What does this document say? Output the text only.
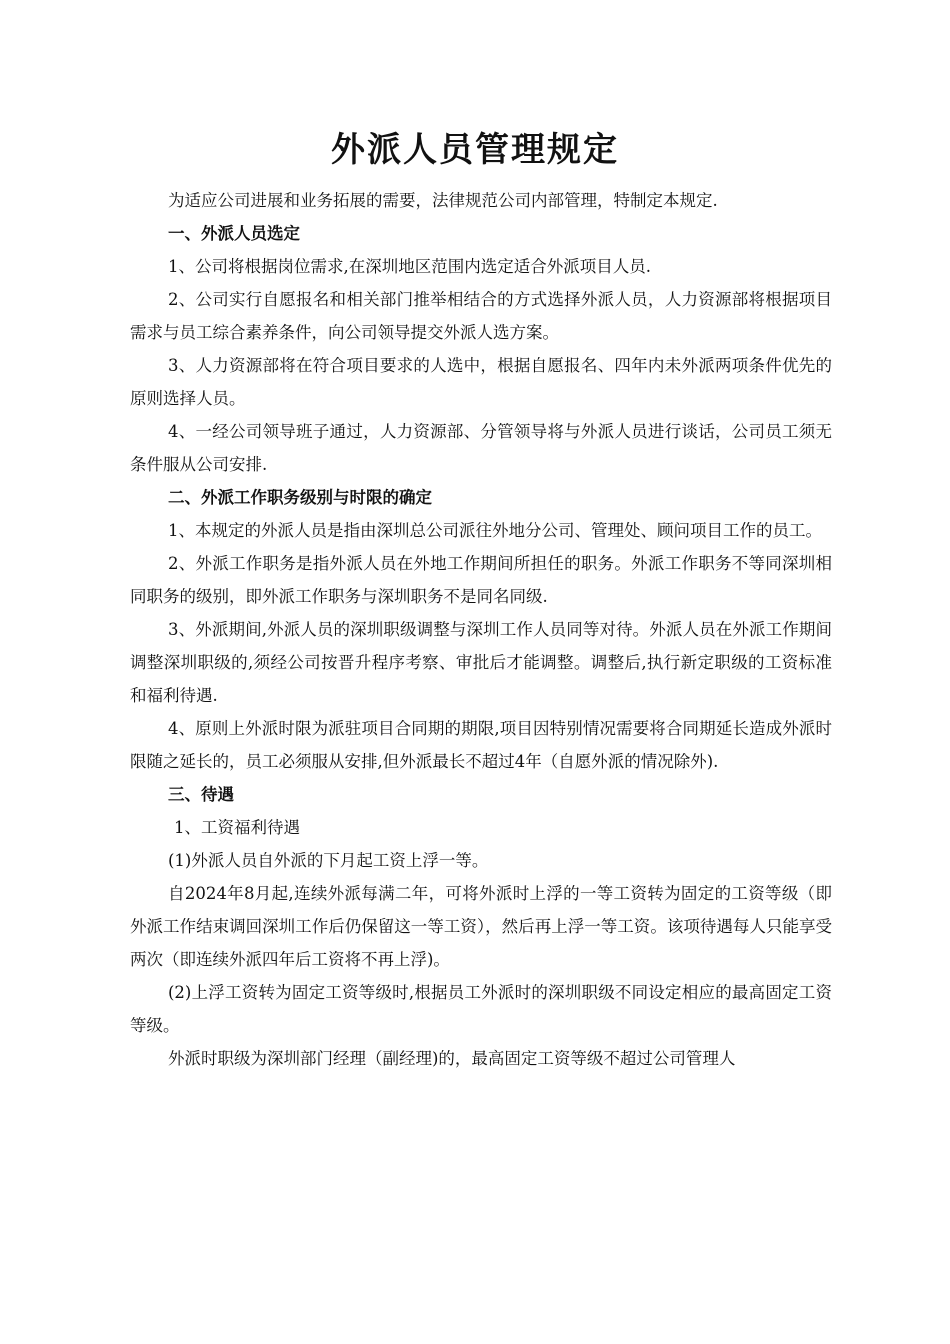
外派人员管理规定

为适应公司进展和业务拓展的需要，法律规范公司内部管理，特制定本规定.

一、外派人员选定

1、公司将根据岗位需求,在深圳地区范围内选定适合外派项目人员.

2、公司实行自愿报名和相关部门推举相结合的方式选择外派人员，人力资源部将根据项目需求与员工综合素养条件，向公司领导提交外派人选方案。

3、人力资源部将在符合项目要求的人选中，根据自愿报名、四年内未外派两项条件优先的原则选择人员。

4、一经公司领导班子通过，人力资源部、分管领导将与外派人员进行谈话，公司员工须无条件服从公司安排.

二、外派工作职务级别与时限的确定

1、本规定的外派人员是指由深圳总公司派往外地分公司、管理处、顾问项目工作的员工。

2、外派工作职务是指外派人员在外地工作期间所担任的职务。外派工作职务不等同深圳相同职务的级别，即外派工作职务与深圳职务不是同名同级.

3、外派期间,外派人员的深圳职级调整与深圳工作人员同等对待。外派人员在外派工作期间调整深圳职级的,须经公司按晋升程序考察、审批后才能调整。调整后,执行新定职级的工资标准和福利待遇.

4、原则上外派时限为派驻项目合同期的期限,项目因特别情况需要将合同期延长造成外派时限随之延长的，员工必须服从安排,但外派最长不超过4年（自愿外派的情况除外).

三、待遇

1、工资福利待遇

(1)外派人员自外派的下月起工资上浮一等。

自2024年8月起,连续外派每满二年，可将外派时上浮的一等工资转为固定的工资等级（即外派工作结束调回深圳工作后仍保留这一等工资），然后再上浮一等工资。该项待遇每人只能享受两次（即连续外派四年后工资将不再上浮)。

(2)上浮工资转为固定工资等级时,根据员工外派时的深圳职级不同设定相应的最高固定工资等级。

外派时职级为深圳部门经理（副经理)的，最高固定工资等级不超过公司管理人
